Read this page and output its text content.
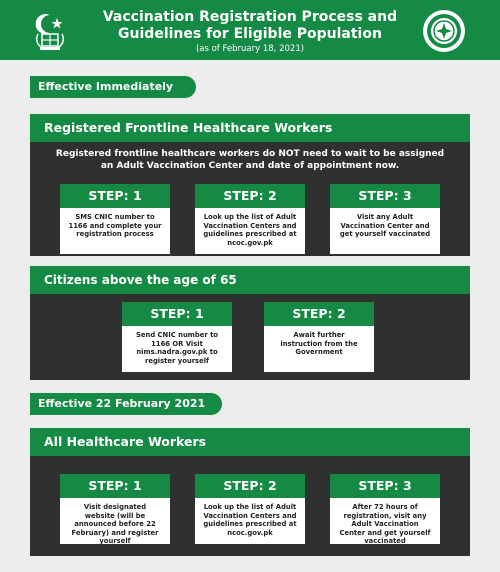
Vaccination Registration Process and
Guidelines for Eligible Population
(as of February 18, 2021)
Effective Immediately
Registered Frontline Healthcare Workers
Registered frontline healthcare workers do NOT need to wait to be assigned
an Adult Vaccination Center and date of appointment now.
STEP: 1
SMS CNIC number to 1166 and complete your registration process
STEP: 2
Look up the list of Adult Vaccination Centers and guidelines prescribed at ncoc.gov.pk
STEP: 3
Visit any Adult Vaccination Center and get yourself vaccinated
Citizens above the age of 65
STEP: 1
Send CNIC number to 1166 OR Visit nims.nadra.gov.pk to register yourself
STEP: 2
Await further instruction from the Government
Effective 22 February 2021
All Healthcare Workers
STEP: 1
Visit designated website (will be announced before 22 February) and register yourself
STEP: 2
Look up the list of Adult Vaccination Centers and guidelines prescribed at ncoc.gov.pk
STEP: 3
After 72 hours of registration, visit any Adult Vaccination Center and get yourself vaccinated
